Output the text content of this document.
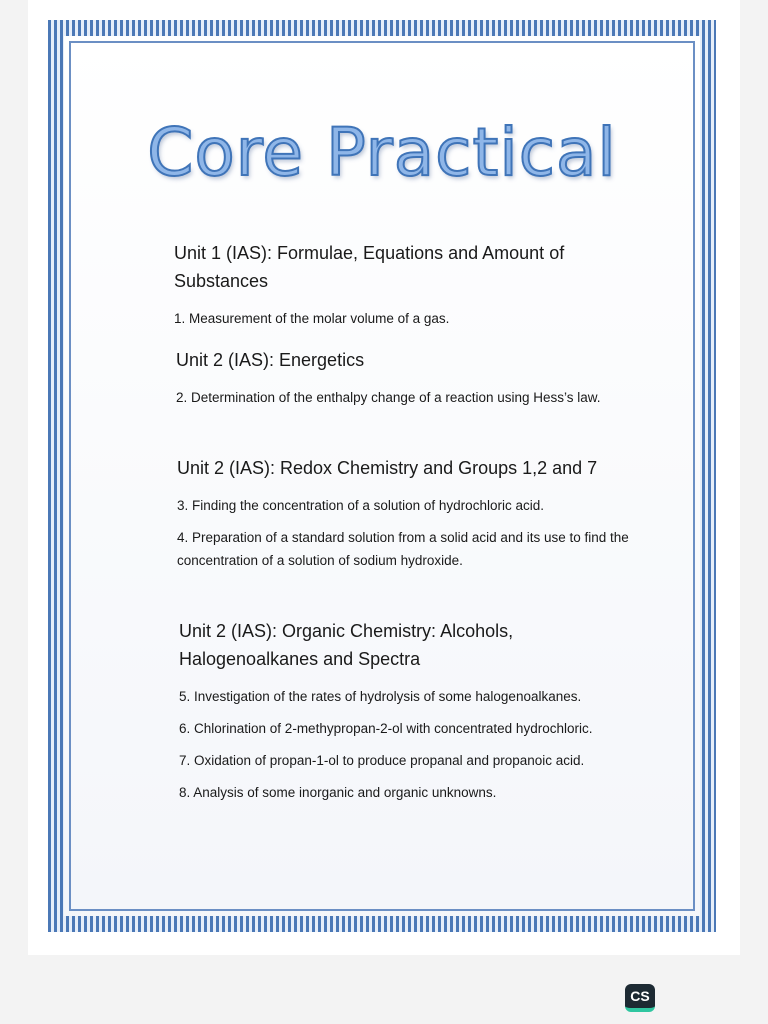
Core Practical
Unit 1 (IAS): Formulae, Equations and Amount of Substances

1. Measurement of the molar volume of a gas.

Unit 2 (IAS): Energetics

2. Determination of the enthalpy change of a reaction using Hess’s law.

Unit 2 (IAS): Redox Chemistry and Groups 1,2 and 7

3. Finding the concentration of a solution of hydrochloric acid.

4. Preparation of a standard solution from a solid acid and its use to find the concentration of a solution of sodium hydroxide.

Unit 2 (IAS): Organic Chemistry: Alcohols, Halogenoalkanes and Spectra

5. Investigation of the rates of hydrolysis of some halogenoalkanes.

6. Chlorination of 2-methypropan-2-ol with concentrated hydrochloric.

7. Oxidation of propan-1-ol to produce propanal and propanoic acid.

8. Analysis of some inorganic and organic unknowns.

CS
